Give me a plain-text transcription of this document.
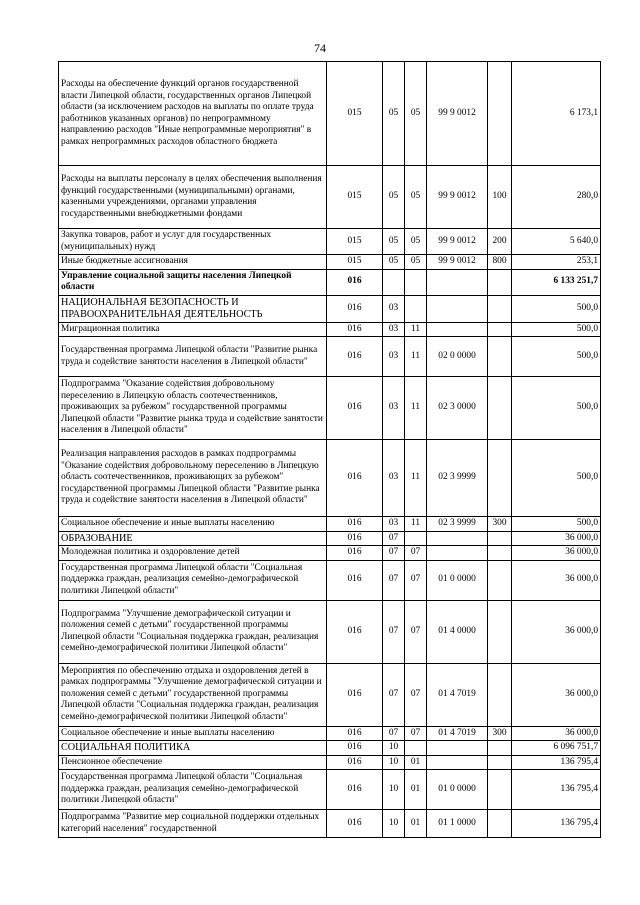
74
Расходы на обеспечение функций органов государственной власти Липецкой области, государственных органов Липецкой области (за исключением расходов на выплаты по оплате труда работников указанных органов) по непрограммному направлению расходов "Иные непрограммные мероприятия" в рамках непрограммных расходов областного бюджета	015	05	05	99 9 0012		6 173,1
Расходы на выплаты персоналу в целях обеспечения выполнения функций государственными (муниципальными) органами, казенными учреждениями, органами управления государственными внебюджетными фондами	015	05	05	99 9 0012	100	280,0
Закупка товаров, работ и услуг для государственных (муниципальных) нужд	015	05	05	99 9 0012	200	5 640,0
Иные бюджетные ассигнования	015	05	05	99 9 0012	800	253,1
Управление социальной защиты населения Липецкой области	016					6 133 251,7
НАЦИОНАЛЬНАЯ БЕЗОПАСНОСТЬ И ПРАВООХРАНИТЕЛЬНАЯ ДЕЯТЕЛЬНОСТЬ	016	03				500,0
Миграционная политика	016	03	11			500,0
Государственная программа Липецкой области "Развитие рынка труда и содействие занятости населения в Липецкой области"	016	03	11	02 0 0000		500,0
Подпрограмма "Оказание содействия добровольному переселению в Липецкую область соотечественников, проживающих за рубежом" государственной программы Липецкой области "Развитие рынка труда и содействие занятости населения в Липецкой области"	016	03	11	02 3 0000		500,0
Реализация направления расходов в рамках подпрограммы "Оказание содействия добровольному переселению в Липецкую область соотечественников, проживающих за рубежом" государственной программы Липецкой области "Развитие рынка труда и содействие занятости населения в Липецкой области"	016	03	11	02 3 9999		500,0
Социальное обеспечение и иные выплаты населению	016	03	11	02 3 9999	300	500,0
ОБРАЗОВАНИЕ	016	07				36 000,0
Молодежная политика и оздоровление детей	016	07	07			36 000,0
Государственная программа Липецкой области "Социальная поддержка граждан, реализация семейно-демографической политики Липецкой области"	016	07	07	01 0 0000		36 000,0
Подпрограмма "Улучшение демографической ситуации и положения семей с детьми" государственной программы Липецкой области "Социальная поддержка граждан, реализация семейно-демографической политики Липецкой области"	016	07	07	01 4 0000		36 000,0
Мероприятия по обеспечению отдыха и оздоровления детей в рамках подпрограммы "Улучшение демографической ситуации и положения семей с детьми" государственной программы Липецкой области "Социальная поддержка граждан, реализация семейно-демографической политики Липецкой области"	016	07	07	01 4 7019		36 000,0
Социальное обеспечение и иные выплаты населению	016	07	07	01 4 7019	300	36 000,0
СОЦИАЛЬНАЯ ПОЛИТИКА	016	10				6 096 751,7
Пенсионное обеспечение	016	10	01			136 795,4
Государственная программа Липецкой области "Социальная поддержка граждан, реализация семейно-демографической политики Липецкой области"	016	10	01	01 0 0000		136 795,4
Подпрограмма "Развитие мер социальной поддержки отдельных категорий населения" государственной	016	10	01	01 1 0000		136 795,4
